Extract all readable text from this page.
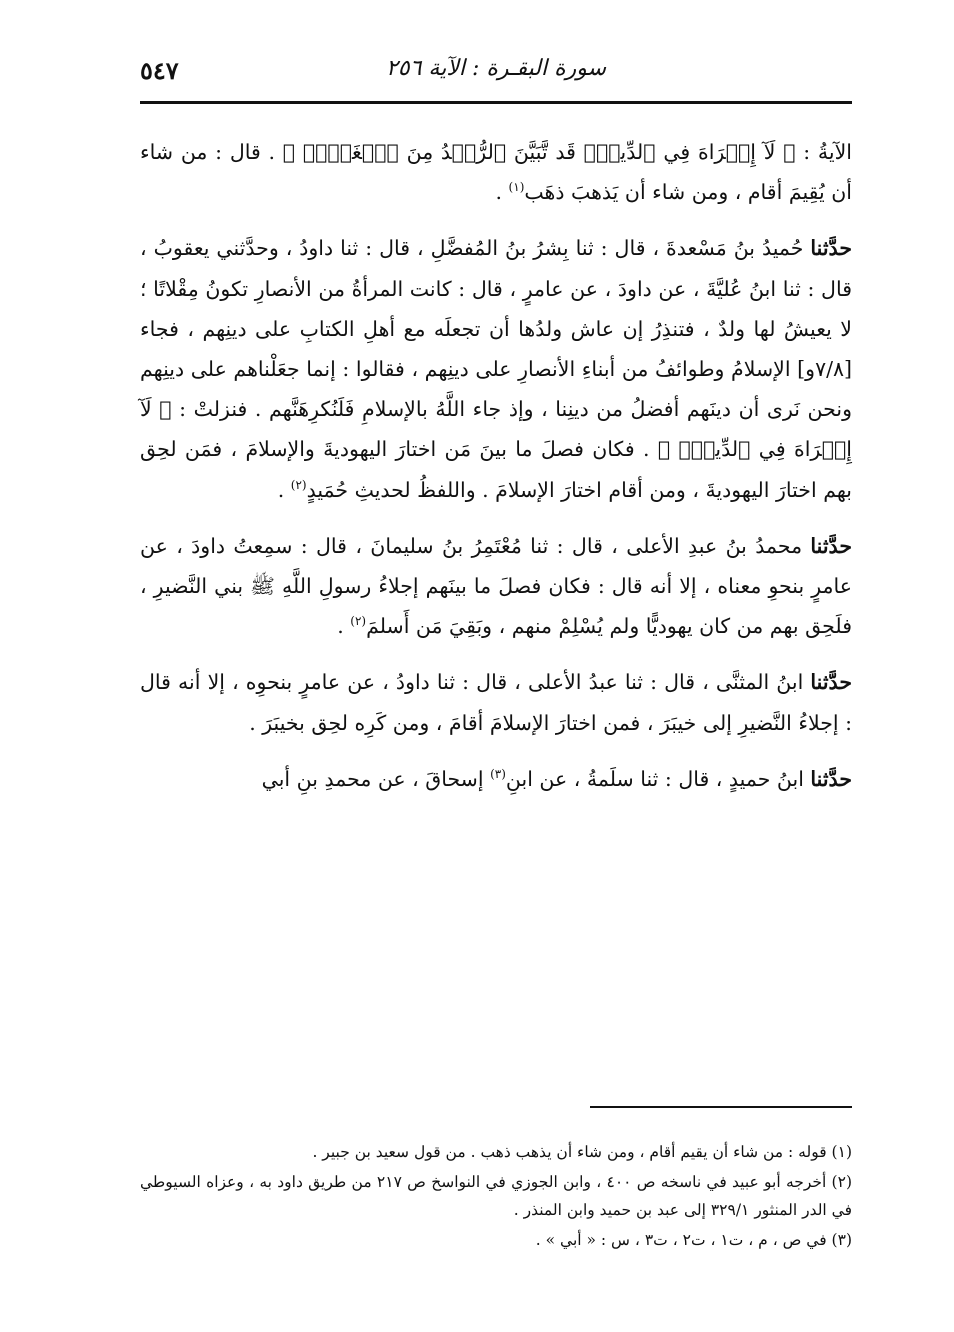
٥٤٧	سورة البقـرة : الآية ٢٥٦

الآيةُ : ﴿ لَآ إِكۡرَاهَ فِي ٱلدِّينِۖ قَد تَّبَيَّنَ ٱلرُّشۡدُ مِنَ ٱلۡغَيِّۚ ﴾ . قال : من شاء أن يُقِيمَ أقام ، ومن شاء أن يَذهبَ ذهَب$^{(١)}$ .

حدَّثنا حُميدُ بنُ مَسْعدةَ ، قال : ثنا بِشرُ بنُ المُفضَّلِ ، قال : ثنا داودُ ، وحدَّثني يعقوبُ ، قال : ثنا ابنُ عُليَّةَ ، عن داودَ ، عن عامرٍ ، قال : كانت المرأةُ من الأنصارِ تكونُ مِقْلاتًا ؛ لا يعيشُ لها ولدٌ ، فتنذِرُ إن عاش ولدُها أن تجعلَه مع أهلِ الكتابِ على دينِهم ، فجاء [٧/٨و] الإسلامُ وطوائفُ من أبناءِ الأنصارِ على دينِهم ، فقالوا : إنما جعَلْناهم على دينِهم ونحن نَرى أن دينَهم أفضلُ من دينِنا ، وإذ جاء اللَّهُ بالإسلامِ فَلَنُكرِهَنَّهم . فنزلتْ : ﴿ لَآ إِكۡرَاهَ فِي ٱلدِّينِۖ ﴾ . فكان فصلَ ما بينَ مَن اختارَ اليهوديةَ والإسلامَ ، فمَن لحِق بهم اختارَ اليهوديةَ ، ومن أقام اختارَ الإسلامَ . واللفظُ لحديثِ حُمَيدٍ$^{(٢)}$ .

حدَّثنا محمدُ بنُ عبدِ الأعلى ، قال : ثنا مُعْتَمِرُ بنُ سليمانَ ، قال : سمِعتُ داودَ ، عن عامرٍ بنحوِ معناه ، إلا أنه قال : فكان فصلَ ما بينَهم إجلاءُ رسولِ اللَّهِ ﷺ بني النَّضيرِ ، فلَحِق بهم من كان يهوديًّا ولم يُسْلِمْ منهم ، وبَقِيَ مَن أَسلمَ$^{(٢)}$ .

حدَّثنا ابنُ المثنَّى ، قال : ثنا عبدُ الأعلى ، قال : ثنا داودُ ، عن عامرٍ بنحوِه ، إلا أنه قال : إجلاءُ النَّضيرِ إلى خيبَرَ ، فمن اختارَ الإسلامَ أقامَ ، ومن كَرِه لحِق بخيبَرَ .

حدَّثنا ابنُ حميدٍ ، قال : ثنا سلَمةُ ، عن ابنِ$^{(٣)}$ إسحاقَ ، عن محمدِ بنِ أبي

(١) قوله : من شاء أن يقيم أقام ، ومن شاء أن يذهب ذهب . من قول سعيد بن جبير .

(٢) أخرجه أبو عبيد في ناسخه ص ٤٠٠ ، وابن الجوزي في النواسخ ص ٢١٧ من طريق داود به ، وعزاه السيوطي في الدر المنثور ٣٢٩/١ إلى عبد بن حميد وابن المنذر .

(٣) في ص ، م ، ت١ ، ت٢ ، ت٣ ، س : « أبي » .
